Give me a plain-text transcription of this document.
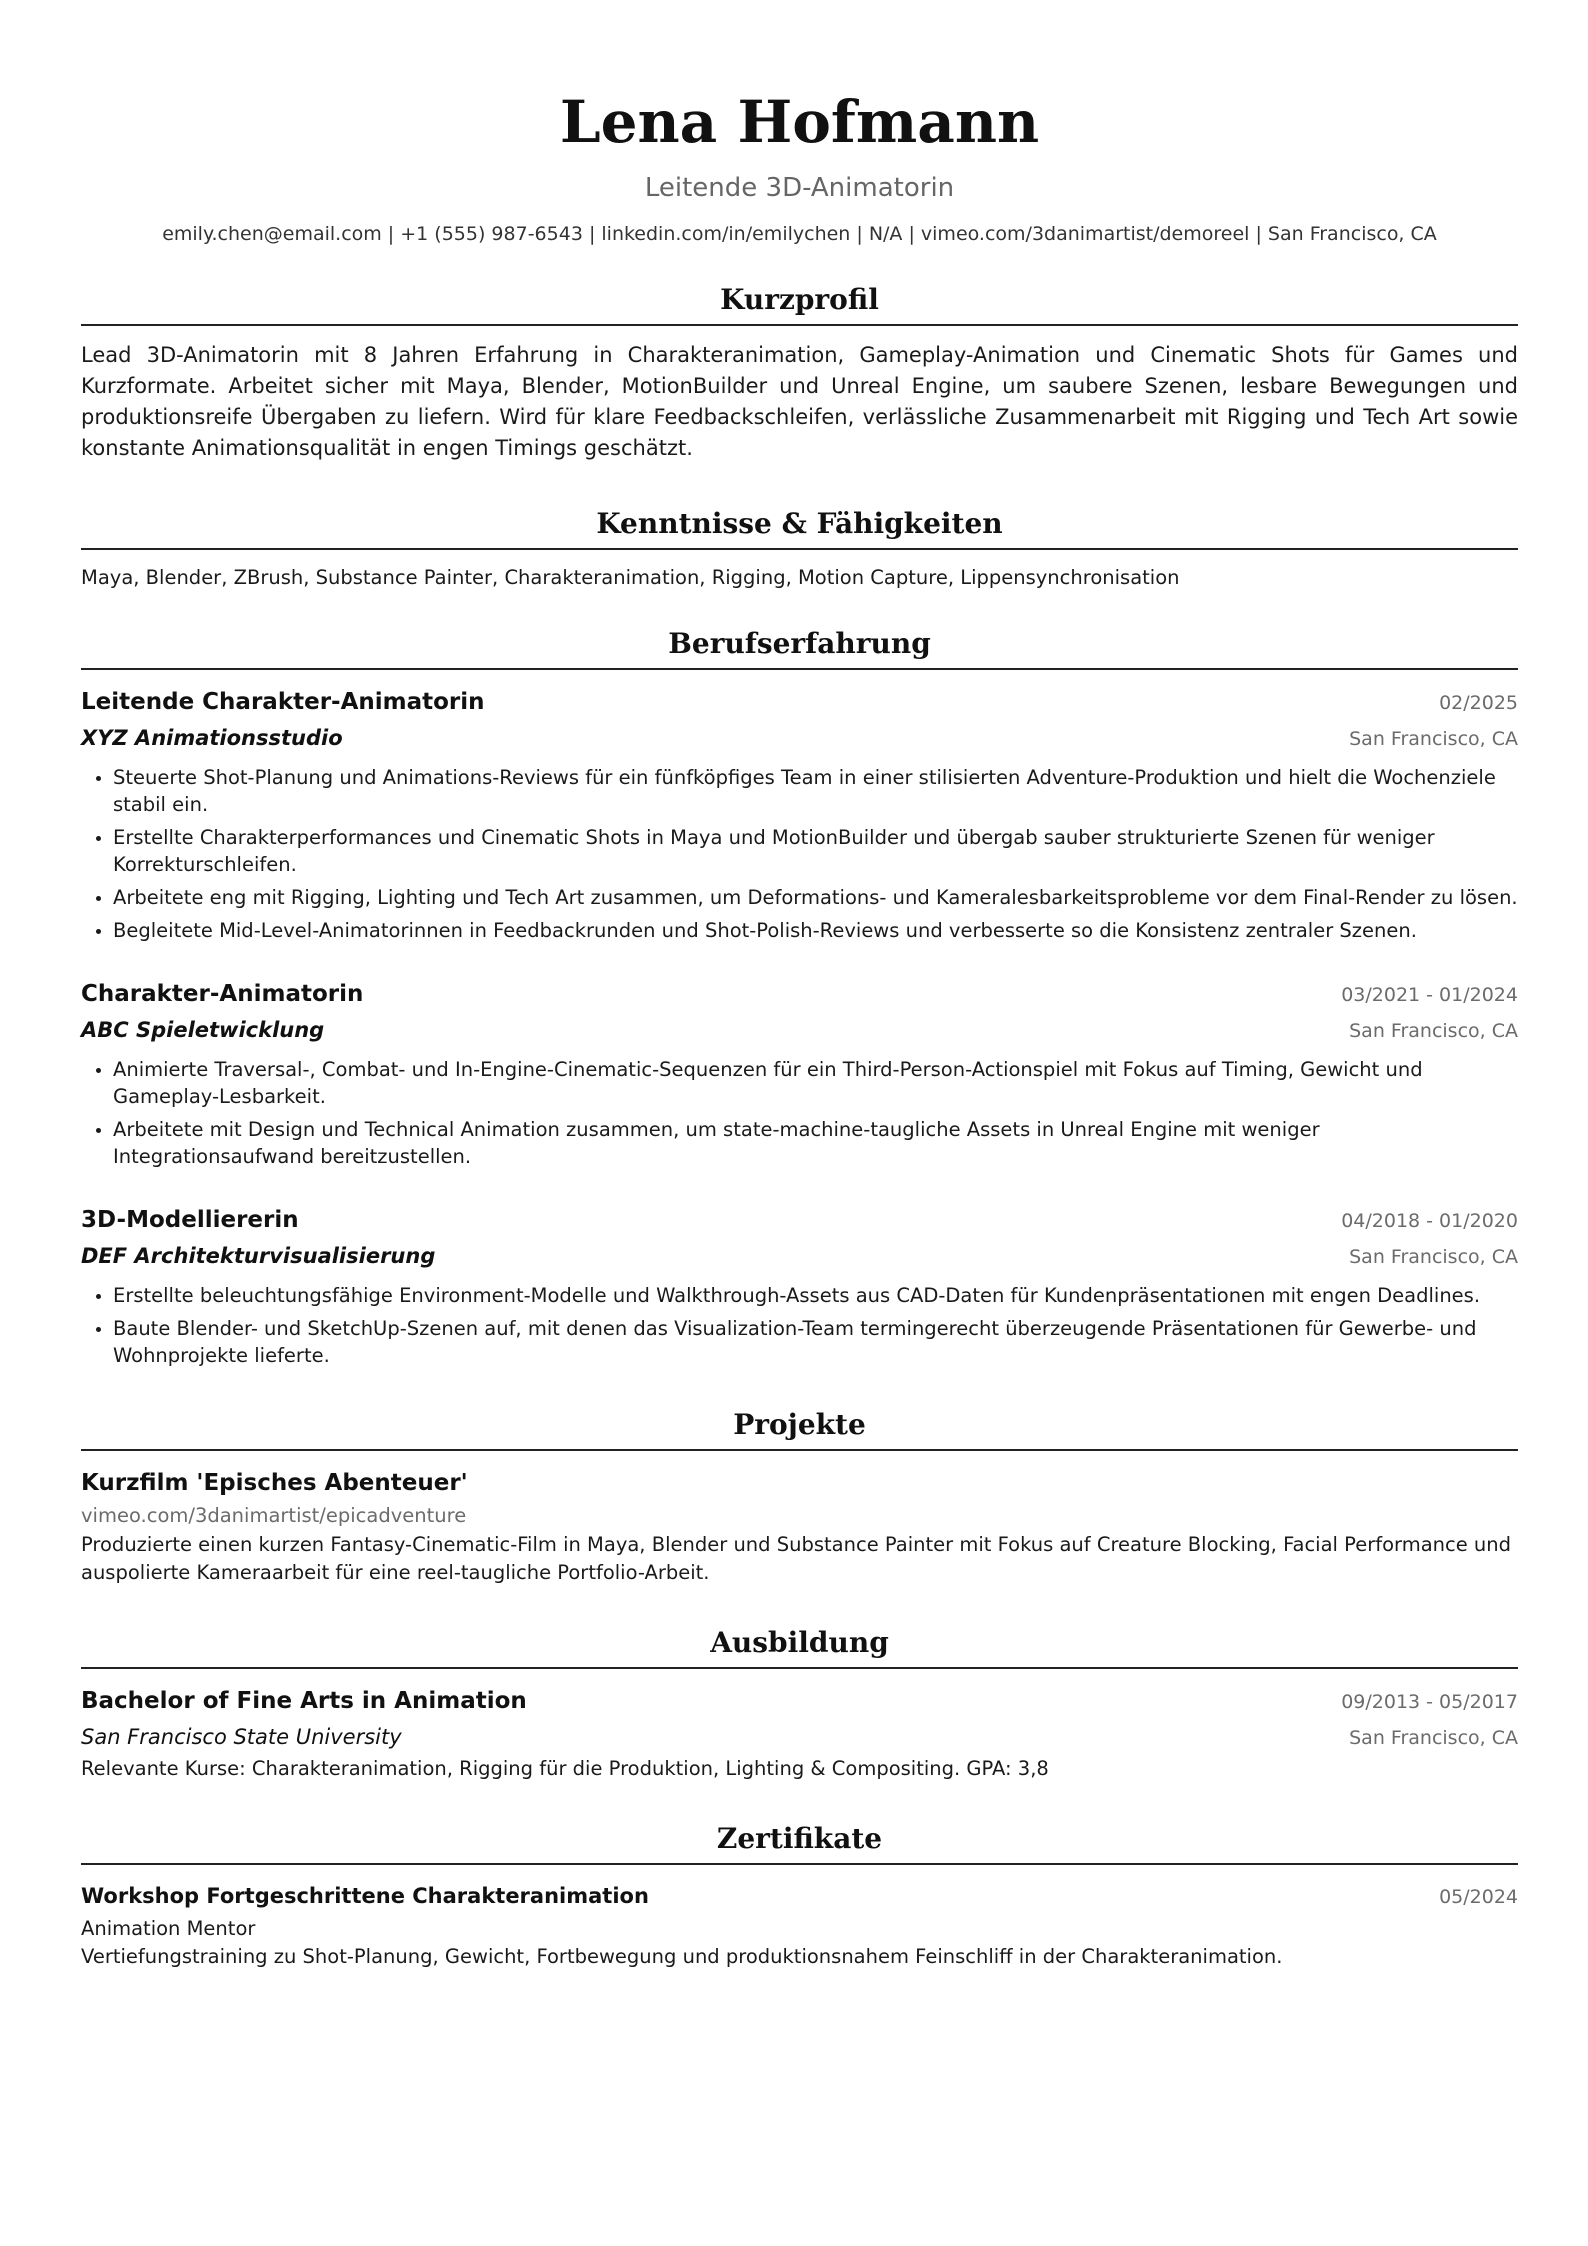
Lena Hofmann
Leitende 3D-Animatorin
emily.chen@email.com | +1 (555) 987-6543 | linkedin.com/in/emilychen | N/A | vimeo.com/3danimartist/demoreel | San Francisco, CA
Kurzprofil
Lead 3D-Animatorin mit 8 Jahren Erfahrung in Charakteranimation, Gameplay-Animation und Cinematic Shots für Games und Kurzformate. Arbeitet sicher mit Maya, Blender, MotionBuilder und Unreal Engine, um saubere Szenen, lesbare Bewegungen und produktionsreife Übergaben zu liefern. Wird für klare Feedbackschleifen, verlässliche Zusammenarbeit mit Rigging und Tech Art sowie konstante Animationsqualität in engen Timings geschätzt.
Kenntnisse & Fähigkeiten
Maya, Blender, ZBrush, Substance Painter, Charakteranimation, Rigging, Motion Capture, Lippensynchronisation
Berufserfahrung
Leitende Charakter-Animatorin	02/2025
XYZ Animationsstudio	San Francisco, CA
• Steuerte Shot-Planung und Animations-Reviews für ein fünfköpfiges Team in einer stilisierten Adventure-Produktion und hielt die Wochenziele stabil ein.
• Erstellte Charakterperformances und Cinematic Shots in Maya und MotionBuilder und übergab sauber strukturierte Szenen für weniger Korrekturschleifen.
• Arbeitete eng mit Rigging, Lighting und Tech Art zusammen, um Deformations- und Kameralesbarkeitsprobleme vor dem Final-Render zu lösen.
• Begleitete Mid-Level-Animatorinnen in Feedbackrunden und Shot-Polish-Reviews und verbesserte so die Konsistenz zentraler Szenen.
Charakter-Animatorin	03/2021 - 01/2024
ABC Spieletwicklung	San Francisco, CA
• Animierte Traversal-, Combat- und In-Engine-Cinematic-Sequenzen für ein Third-Person-Actionspiel mit Fokus auf Timing, Gewicht und Gameplay-Lesbarkeit.
• Arbeitete mit Design und Technical Animation zusammen, um state-machine-taugliche Assets in Unreal Engine mit weniger Integrationsaufwand bereitzustellen.
3D-Modelliererin	04/2018 - 01/2020
DEF Architekturvisualisierung	San Francisco, CA
• Erstellte beleuchtungsfähige Environment-Modelle und Walkthrough-Assets aus CAD-Daten für Kundenpräsentationen mit engen Deadlines.
• Baute Blender- und SketchUp-Szenen auf, mit denen das Visualization-Team termingerecht überzeugende Präsentationen für Gewerbe- und Wohnprojekte lieferte.
Projekte
Kurzfilm 'Episches Abenteuer'
vimeo.com/3danimartist/epicadventure
Produzierte einen kurzen Fantasy-Cinematic-Film in Maya, Blender und Substance Painter mit Fokus auf Creature Blocking, Facial Performance und auspolierte Kameraarbeit für eine reel-taugliche Portfolio-Arbeit.
Ausbildung
Bachelor of Fine Arts in Animation	09/2013 - 05/2017
San Francisco State University	San Francisco, CA
Relevante Kurse: Charakteranimation, Rigging für die Produktion, Lighting & Compositing. GPA: 3,8
Zertifikate
Workshop Fortgeschrittene Charakteranimation	05/2024
Animation Mentor
Vertiefungstraining zu Shot-Planung, Gewicht, Fortbewegung und produktionsnahem Feinschliff in der Charakteranimation.
